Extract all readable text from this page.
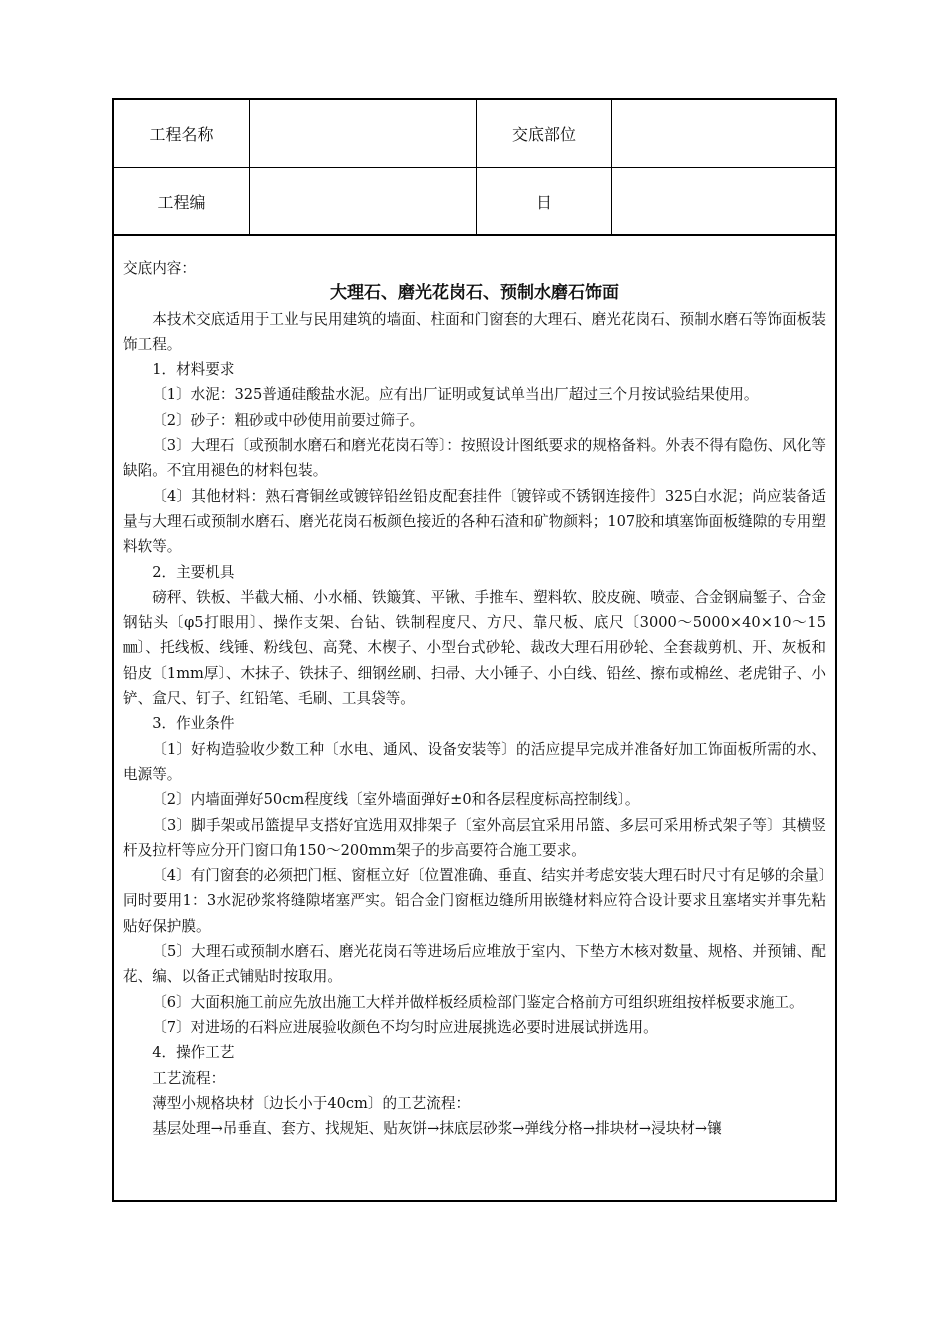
工程名称	交底部位
工程编	日

交底内容：

大理石、磨光花岗石、预制水磨石饰面

本技术交底适用于工业与民用建筑的墙面、柱面和门窗套的大理石、磨光花岗石、预制水磨石等饰面板装饰工程。

1．材料要求

〔1〕水泥：325普通硅酸盐水泥。应有出厂证明或复试单当出厂超过三个月按试验结果使用。

〔2〕砂子：粗砂或中砂使用前要过筛子。

〔3〕大理石〔或预制水磨石和磨光花岗石等〕：按照设计图纸要求的规格备料。外表不得有隐伤、风化等缺陷。不宜用褪色的材料包装。

〔4〕其他材料：熟石膏铜丝或镀锌铅丝铅皮配套挂件〔镀锌或不锈钢连接件〕325白水泥；尚应装备适量与大理石或预制水磨石、磨光花岗石板颜色接近的各种石渣和矿物颜料；107胶和填塞饰面板缝隙的专用塑料软等。

2．主要机具

磅秤、铁板、半截大桶、小水桶、铁簸箕、平锹、手推车、塑料软、胶皮碗、喷壶、合金钢扁錾子、合金钢钻头〔φ5打眼用〕、操作支架、台钻、铁制程度尺、方尺、靠尺板、底尺〔3000～5000×40×10～15㎜〕、托线板、线锤、粉线包、高凳、木楔子、小型台式砂轮、裁改大理石用砂轮、全套裁剪机、开、灰板和铅皮〔1mm厚〕、木抹子、铁抹子、细钢丝刷、扫帚、大小锤子、小白线、铅丝、擦布或棉丝、老虎钳子、小铲、盒尺、钉子、红铅笔、毛刷、工具袋等。

3．作业条件

〔1〕好构造验收少数工种〔水电、通风、设备安装等〕的活应提早完成并准备好加工饰面板所需的水、电源等。

〔2〕内墙面弹好50cm程度线〔室外墙面弹好±0和各层程度标高控制线〕。

〔3〕脚手架或吊篮提早支搭好宜选用双排架子〔室外高层宜采用吊篮、多层可采用桥式架子等〕其横竖杆及拉杆等应分开门窗口角150～200mm架子的步高要符合施工要求。

〔4〕有门窗套的必须把门框、窗框立好〔位置准确、垂直、结实并考虑安装大理石时尺寸有足够的余量〕同时要用1：3水泥砂浆将缝隙堵塞严实。铝合金门窗框边缝所用嵌缝材料应符合设计要求且塞堵实并事先粘贴好保护膜。

〔5〕大理石或预制水磨石、磨光花岗石等进场后应堆放于室内、下垫方木核对数量、规格、并预铺、配花、编、以备正式铺贴时按取用。

〔6〕大面积施工前应先放出施工大样并做样板经质检部门鉴定合格前方可组织班组按样板要求施工。

〔7〕对进场的石料应进展验收颜色不均匀时应进展挑选必要时进展试拼选用。

4．操作工艺

工艺流程：

薄型小规格块材〔边长小于40cm〕的工艺流程：

基层处理→吊垂直、套方、找规矩、贴灰饼→抹底层砂浆→弹线分格→排块材→浸块材→镶
